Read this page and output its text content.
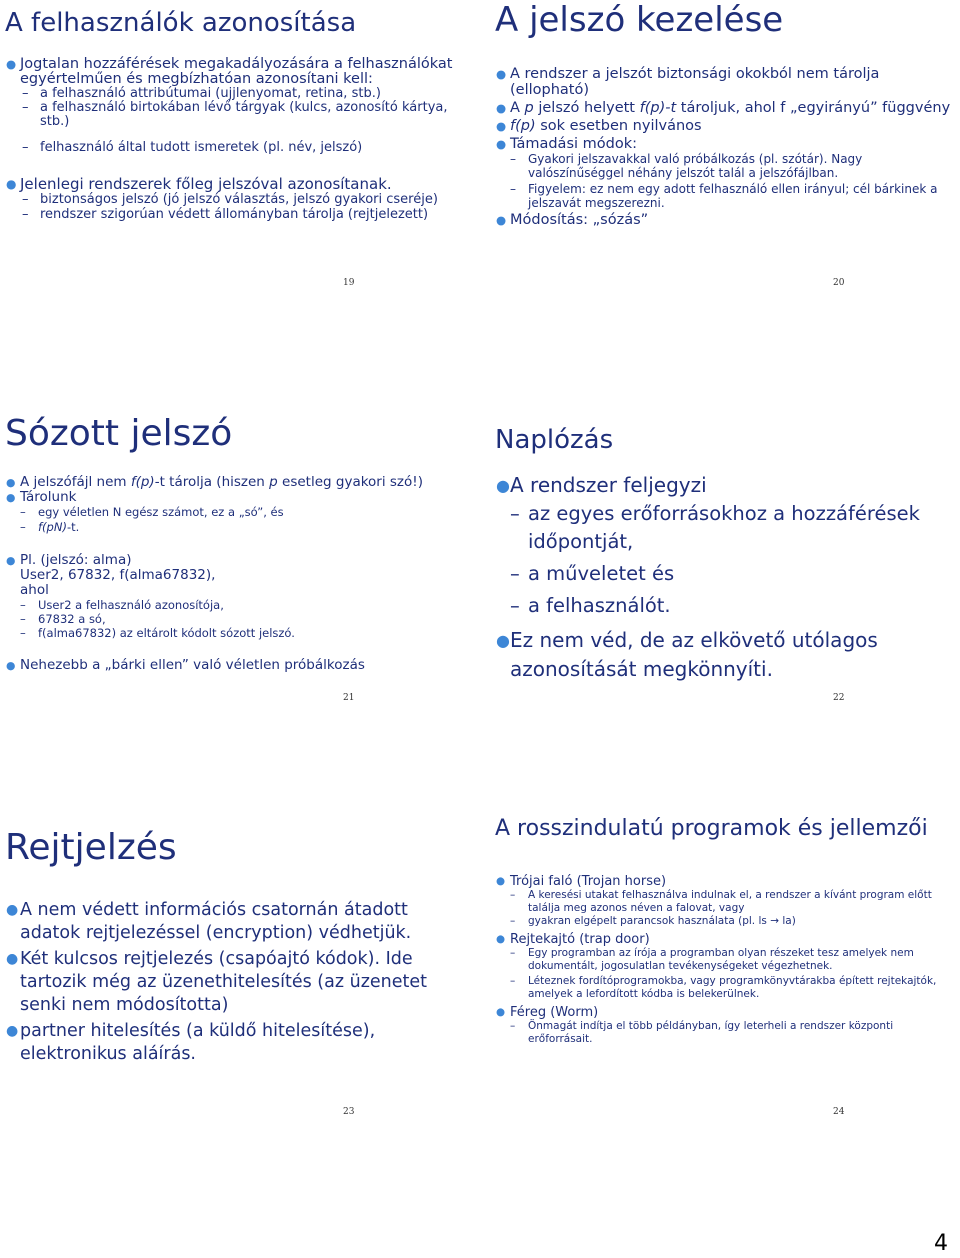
A felhasználók azonosítása
● Jogtalan hozzáférések megakadályozására a felhasználókat egyértelműen és megbízhatóan azonosítani kell:
– a felhasználó attribútumai (ujjlenyomat, retina, stb.)
– a felhasználó birtokában lévő tárgyak (kulcs, azonosító kártya, stb.)
– felhasználó által tudott ismeretek (pl. név, jelszó)
● Jelenlegi rendszerek főleg jelszóval azonosítanak.
– biztonságos jelszó (jó jelszó választás, jelszó gyakori cseréje)
– rendszer szigorúan védett állományban tárolja (rejtjelezett)
19
A jelszó kezelése
● A rendszer a jelszót biztonsági okokból nem tárolja (ellopható)
● A p jelszó helyett f(p)-t tároljuk, ahol f „egyirányú” függvény
● f(p) sok esetben nyilvános
● Támadási módok:
– Gyakori jelszavakkal való próbálkozás (pl. szótár). Nagy valószínűséggel néhány jelszót talál a jelszófájlban.
– Figyelem: ez nem egy adott felhasználó ellen irányul; cél bárkinek a jelszavát megszerezni.
● Módosítás: „sózás”
20
Sózott jelszó
● A jelszófájl nem f(p)-t tárolja (hiszen p esetleg gyakori szó!)
● Tárolunk
– egy véletlen N egész számot, ez a „só”, és
– f(pN)-t.
● Pl. (jelszó: alma)
User2, 67832, f(alma67832),
ahol
– User2 a felhasználó azonosítója,
– 67832 a só,
– f(alma67832) az eltárolt kódolt sózott jelszó.
● Nehezebb a „bárki ellen” való véletlen próbálkozás
21
Naplózás
● A rendszer feljegyzi
– az egyes erőforrásokhoz a hozzáférések időpontját,
– a műveletet és
– a felhasználót.
● Ez nem véd, de az elkövető utólagos azonosítását megkönnyíti.
22
Rejtjelzés
● A nem védett információs csatornán átadott adatok rejtjelezéssel (encryption) védhetjük.
● Két kulcsos rejtjelezés (csapóajtó kódok). Ide tartozik még az üzenethitelesítés (az üzenetet senki nem módosította)
● partner hitelesítés (a küldő hitelesítése), elektronikus aláírás.
23
A rosszindulatú programok és jellemzői
● Trójai faló (Trojan horse)
– A keresési utakat felhasználva indulnak el, a rendszer a kívánt program előtt találja meg azonos néven a falovat, vagy
– gyakran elgépelt parancsok használata (pl. ls → la)
● Rejtekajtó (trap door)
– Egy programban az írója a programban olyan részeket tesz amelyek nem dokumentált, jogosulatlan tevékenységeket végezhetnek.
– Léteznek fordítóprogramokba, vagy programkönyvtárakba épített rejtekajtók, amelyek a lefordított kódba is belekerülnek.
● Féreg (Worm)
– Önmagát indítja el több példányban, így leterheli a rendszer központi erőforrásait.
24
4
